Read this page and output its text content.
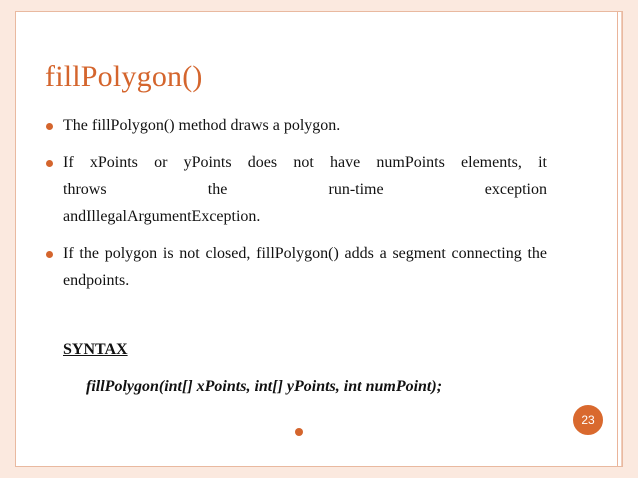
fillPolygon()
The fillPolygon() method draws a polygon.
If xPoints or yPoints does not have numPoints elements, it
throws the run-time exception
andIllegalArgumentException.
If the polygon is not closed, fillPolygon() adds a segment connecting the endpoints.
SYNTAX
fillPolygon(int[] xPoints, int[] yPoints, int numPoint);
23
